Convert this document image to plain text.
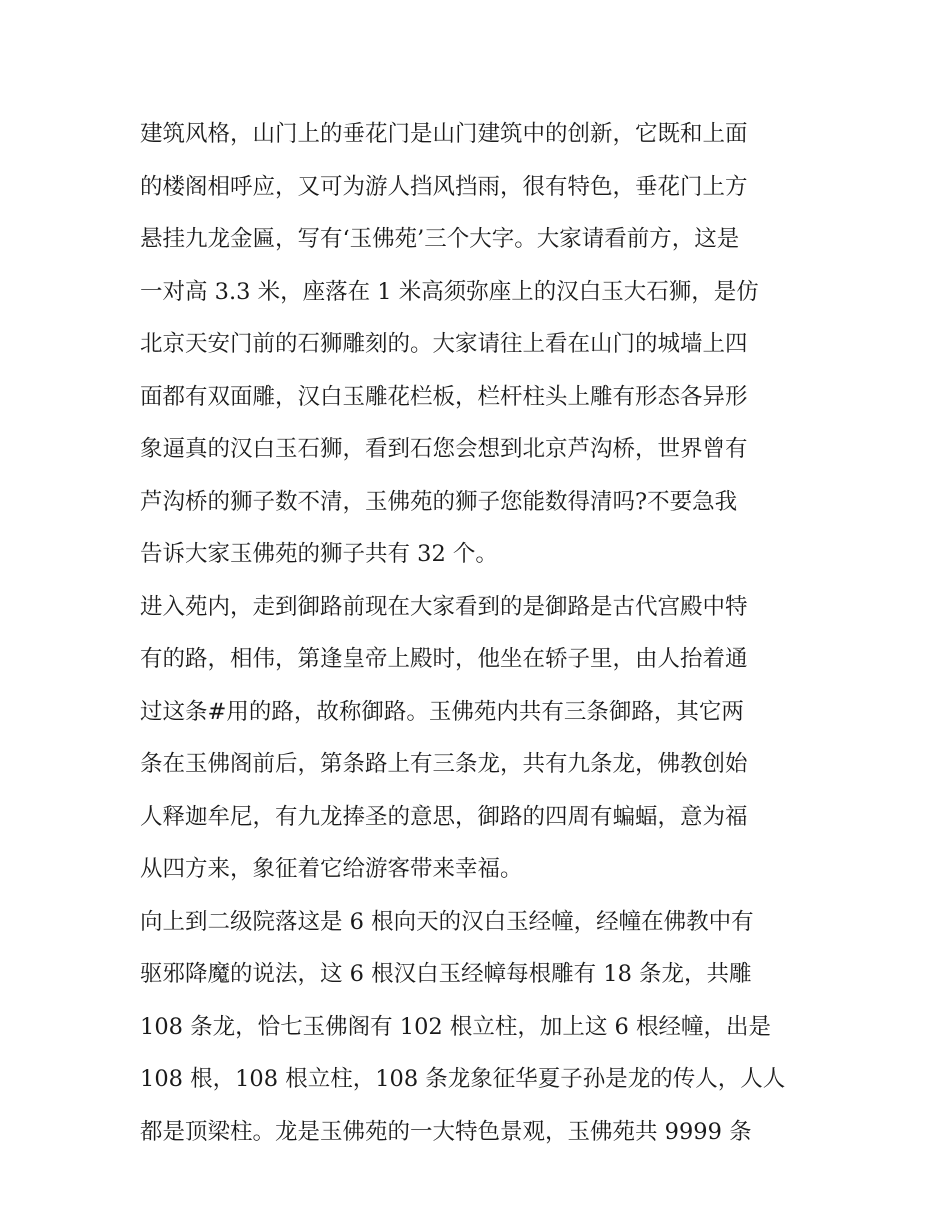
建筑风格，山门上的垂花门是山门建筑中的创新，它既和上面
的楼阁相呼应，又可为游人挡风挡雨，很有特色，垂花门上方
悬挂九龙金匾，写有‘玉佛苑’三个大字。大家请看前方，这是
一对高 3.3 米，座落在 1 米高须弥座上的汉白玉大石狮，是仿
北京天安门前的石狮雕刻的。大家请往上看在山门的城墙上四
面都有双面雕，汉白玉雕花栏板，栏杆柱头上雕有形态各异形
象逼真的汉白玉石狮，看到石您会想到北京芦沟桥，世界曾有
芦沟桥的狮子数不清，玉佛苑的狮子您能数得清吗?不要急我
告诉大家玉佛苑的狮子共有 32 个。
进入苑内，走到御路前现在大家看到的是御路是古代宫殿中特
有的路，相伟，第逢皇帝上殿时，他坐在轿子里，由人抬着通
过这条#用的路，故称御路。玉佛苑内共有三条御路，其它两
条在玉佛阁前后，第条路上有三条龙，共有九条龙，佛教创始
人释迦牟尼，有九龙捧圣的意思，御路的四周有蝙蝠，意为福
从四方来，象征着它给游客带来幸福。
向上到二级院落这是 6 根向天的汉白玉经幢，经幢在佛教中有
驱邪降魔的说法，这 6 根汉白玉经幛每根雕有 18 条龙，共雕
108 条龙，恰七玉佛阁有 102 根立柱，加上这 6 根经幢，出是
108 根，108 根立柱，108 条龙象征华夏子孙是龙的传人，人人
都是顶梁柱。龙是玉佛苑的一大特色景观，玉佛苑共 9999 条
